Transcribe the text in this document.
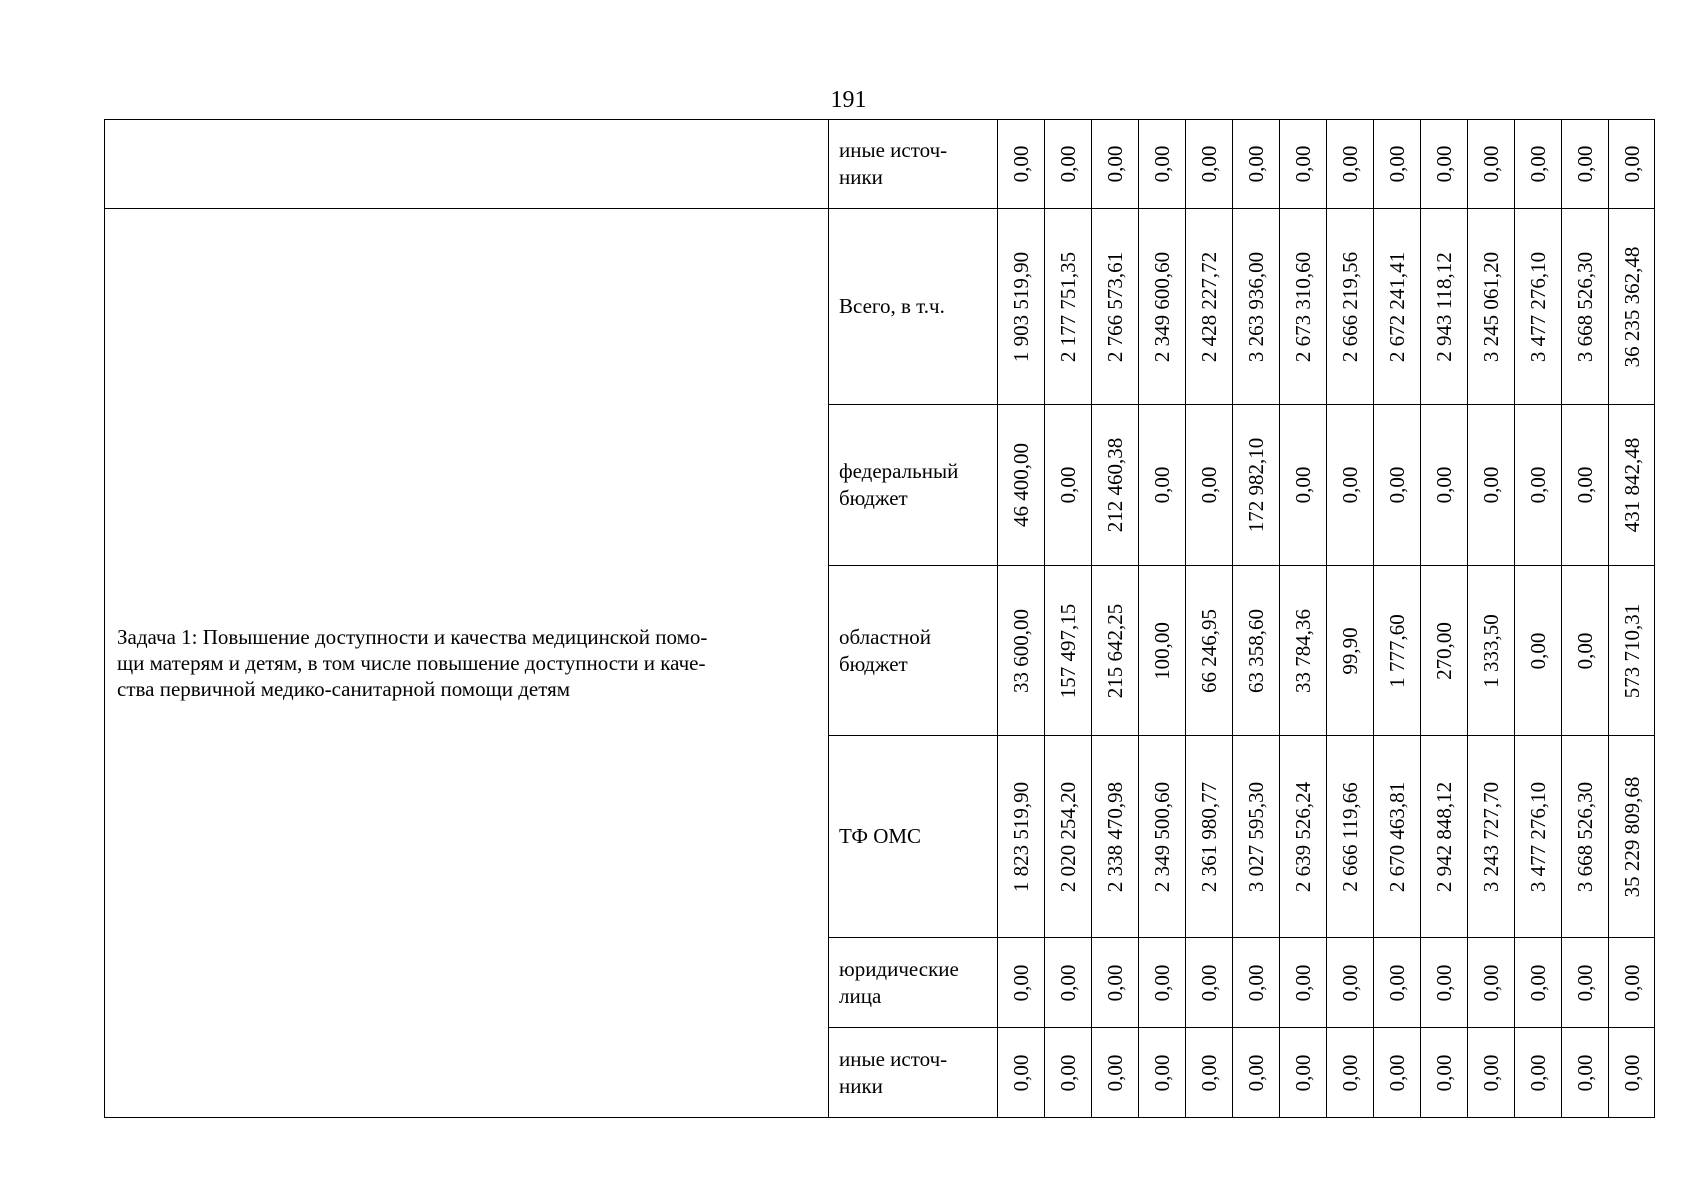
191

	иные источ-
ники	0,00	0,00	0,00	0,00	0,00	0,00	0,00	0,00	0,00	0,00	0,00	0,00	0,00	0,00

Задача 1: Повышение доступности и качества медицинской помо-
щи матерям и детям, в том числе повышение доступности и каче-
ства первичной медико-санитарной помощи детям	Всего, в т.ч.	1 903 519,90	2 177 751,35	2 766 573,61	2 349 600,60	2 428 227,72	3 263 936,00	2 673 310,60	2 666 219,56	2 672 241,41	2 943 118,12	3 245 061,20	3 477 276,10	3 668 526,30	36 235 362,48

	федеральный
бюджет	46 400,00	0,00	212 460,38	0,00	0,00	172 982,10	0,00	0,00	0,00	0,00	0,00	0,00	0,00	431 842,48

	областной
бюджет	33 600,00	157 497,15	215 642,25	100,00	66 246,95	63 358,60	33 784,36	99,90	1 777,60	270,00	1 333,50	0,00	0,00	573 710,31

	ТФ ОМС	1 823 519,90	2 020 254,20	2 338 470,98	2 349 500,60	2 361 980,77	3 027 595,30	2 639 526,24	2 666 119,66	2 670 463,81	2 942 848,12	3 243 727,70	3 477 276,10	3 668 526,30	35 229 809,68

	юридические
лица	0,00	0,00	0,00	0,00	0,00	0,00	0,00	0,00	0,00	0,00	0,00	0,00	0,00	0,00

	иные источ-
ники	0,00	0,00	0,00	0,00	0,00	0,00	0,00	0,00	0,00	0,00	0,00	0,00	0,00	0,00
